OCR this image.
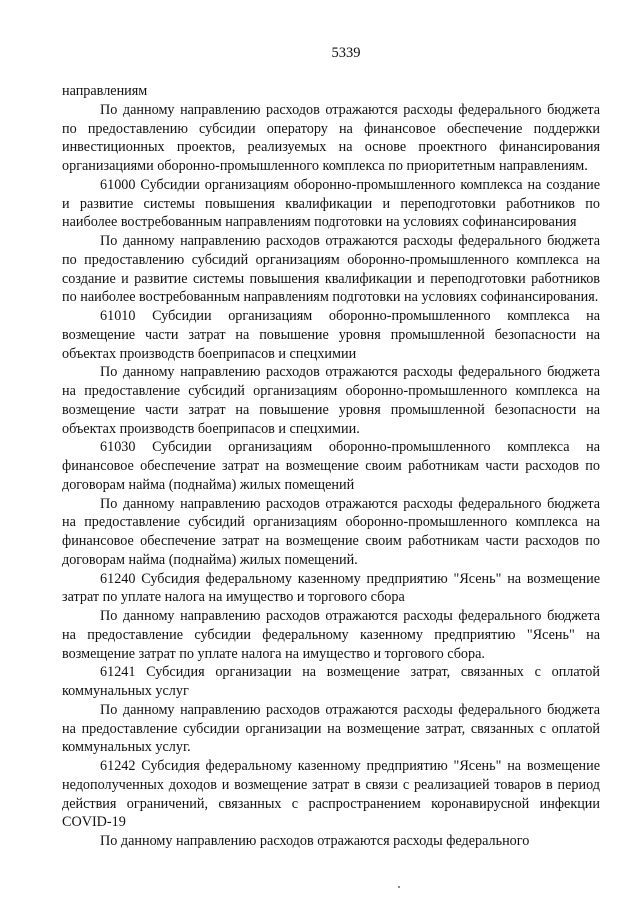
5339

направлениям

По данному направлению расходов отражаются расходы федерального бюджета по предоставлению субсидии оператору на финансовое обеспечение поддержки инвестиционных проектов, реализуемых на основе проектного финансирования организациями оборонно-промышленного комплекса по приоритетным направлениям.

61000 Субсидии организациям оборонно-промышленного комплекса на создание и развитие системы повышения квалификации и переподготовки работников по наиболее востребованным направлениям подготовки на условиях софинансирования

По данному направлению расходов отражаются расходы федерального бюджета по предоставлению субсидий организациям оборонно-промышленного комплекса на создание и развитие системы повышения квалификации и переподготовки работников по наиболее востребованным направлениям подготовки на условиях софинансирования.

61010 Субсидии организациям оборонно-промышленного комплекса на возмещение части затрат на повышение уровня промышленной безопасности на объектах производств боеприпасов и спецхимии

По данному направлению расходов отражаются расходы федерального бюджета на предоставление субсидий организациям оборонно-промышленного комплекса на возмещение части затрат на повышение уровня промышленной безопасности на объектах производств боеприпасов и спецхимии.

61030 Субсидии организациям оборонно-промышленного комплекса на финансовое обеспечение затрат на возмещение своим работникам части расходов по договорам найма (поднайма) жилых помещений

По данному направлению расходов отражаются расходы федерального бюджета на предоставление субсидий организациям оборонно-промышленного комплекса на финансовое обеспечение затрат на возмещение своим работникам части расходов по договорам найма (поднайма) жилых помещений.

61240 Субсидия федеральному казенному предприятию "Ясень" на возмещение затрат по уплате налога на имущество и торгового сбора

По данному направлению расходов отражаются расходы федерального бюджета на предоставление субсидии федеральному казенному предприятию "Ясень" на возмещение затрат по уплате налога на имущество и торгового сбора.

61241 Субсидия организации на возмещение затрат, связанных с оплатой коммунальных услуг

По данному направлению расходов отражаются расходы федерального бюджета на предоставление субсидии организации на возмещение затрат, связанных с оплатой коммунальных услуг.

61242 Субсидия федеральному казенному предприятию "Ясень" на возмещение недополученных доходов и возмещение затрат в связи с реализацией товаров в период действия ограничений, связанных с распространением коронавирусной инфекции COVID-19

По данному направлению расходов отражаются расходы федерального
